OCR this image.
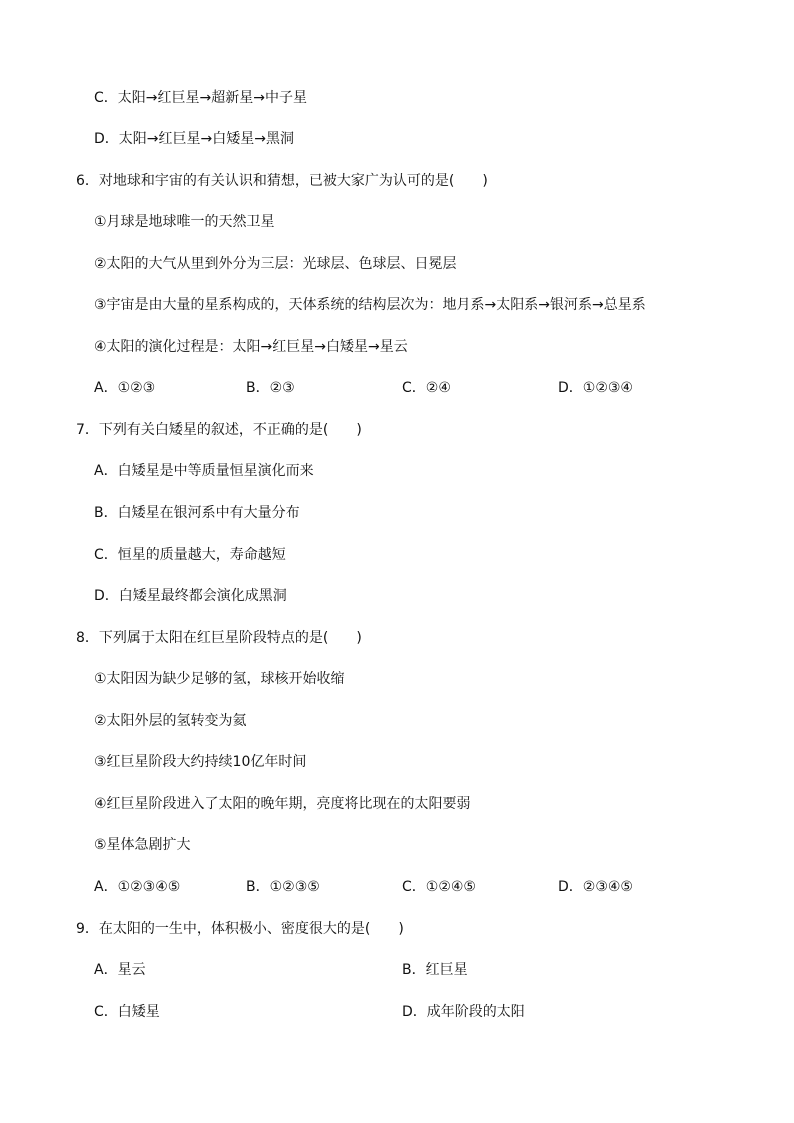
C．太阳→红巨星→超新星→中子星
D．太阳→红巨星→白矮星→黑洞
6．对地球和宇宙的有关认识和猜想，已被大家广为认可的是(　　)
①月球是地球唯一的天然卫星
②太阳的大气从里到外分为三层：光球层、色球层、日冕层
③宇宙是由大量的星系构成的，天体系统的结构层次为：地月系→太阳系→银河系→总星系
④太阳的演化过程是：太阳→红巨星→白矮星→星云
A．①②③	B．②③	C．②④	D．①②③④
7．下列有关白矮星的叙述，不正确的是(　　)
A．白矮星是中等质量恒星演化而来
B．白矮星在银河系中有大量分布
C．恒星的质量越大，寿命越短
D．白矮星最终都会演化成黑洞
8．下列属于太阳在红巨星阶段特点的是(　　)
①太阳因为缺少足够的氢，球核开始收缩
②太阳外层的氢转变为氦
③红巨星阶段大约持续10亿年时间
④红巨星阶段进入了太阳的晚年期，亮度将比现在的太阳要弱
⑤星体急剧扩大
A．①②③④⑤	B．①②③⑤	C．①②④⑤	D．②③④⑤
9．在太阳的一生中，体积极小、密度很大的是(　　)
A．星云	B．红巨星
C．白矮星	D．成年阶段的太阳
